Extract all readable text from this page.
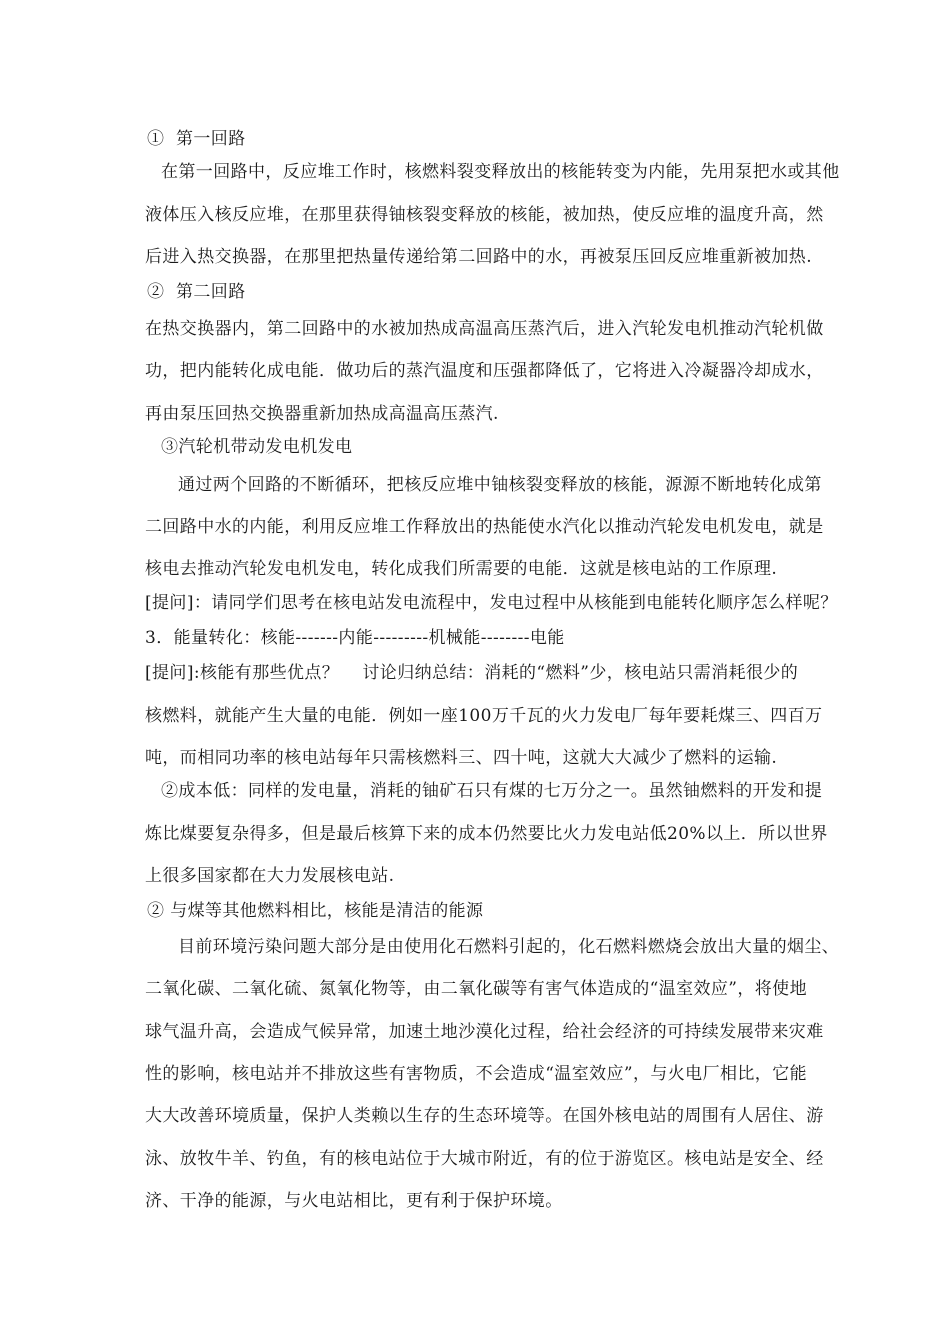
①  第一回路
在第一回路中，反应堆工作时，核燃料裂变释放出的核能转变为内能，先用泵把水或其他
液体压入核反应堆，在那里获得铀核裂变释放的核能，被加热，使反应堆的温度升高，然
后进入热交换器，在那里把热量传递给第二回路中的水，再被泵压回反应堆重新被加热.
②  第二回路
在热交换器内，第二回路中的水被加热成高温高压蒸汽后，进入汽轮发电机推动汽轮机做
功，把内能转化成电能．做功后的蒸汽温度和压强都降低了，它将进入冷凝器冷却成水，
再由泵压回热交换器重新加热成高温高压蒸汽.
③汽轮机带动发电机发电
通过两个回路的不断循环，把核反应堆中铀核裂变释放的核能，源源不断地转化成第
二回路中水的内能，利用反应堆工作释放出的热能使水汽化以推动汽轮发电机发电，就是
核电去推动汽轮发电机发电，转化成我们所需要的电能．这就是核电站的工作原理.
[提问]：请同学们思考在核电站发电流程中，发电过程中从核能到电能转化顺序怎么样呢？
3．能量转化：核能-------内能---------机械能--------电能
[提问]:核能有那些优点？    讨论归纳总结：消耗的“燃料”少，核电站只需消耗很少的
核燃料，就能产生大量的电能．例如一座100万千瓦的火力发电厂每年要耗煤三、四百万
吨，而相同功率的核电站每年只需核燃料三、四十吨，这就大大减少了燃料的运输.
②成本低：同样的发电量，消耗的铀矿石只有煤的七万分之一。虽然铀燃料的开发和提
炼比煤要复杂得多，但是最后核算下来的成本仍然要比火力发电站低20%以上．所以世界
上很多国家都在大力发展核电站.
② 与煤等其他燃料相比，核能是清洁的能源
目前环境污染问题大部分是由使用化石燃料引起的，化石燃料燃烧会放出大量的烟尘、
二氧化碳、二氧化硫、氮氧化物等，由二氧化碳等有害气体造成的“温室效应”，将使地
球气温升高，会造成气候异常，加速土地沙漠化过程，给社会经济的可持续发展带来灾难
性的影响，核电站并不排放这些有害物质，不会造成“温室效应”，与火电厂相比，它能
大大改善环境质量，保护人类赖以生存的生态环境等。在国外核电站的周围有人居住、游
泳、放牧牛羊、钓鱼，有的核电站位于大城市附近，有的位于游览区。核电站是安全、经
济、干净的能源，与火电站相比，更有利于保护环境。
